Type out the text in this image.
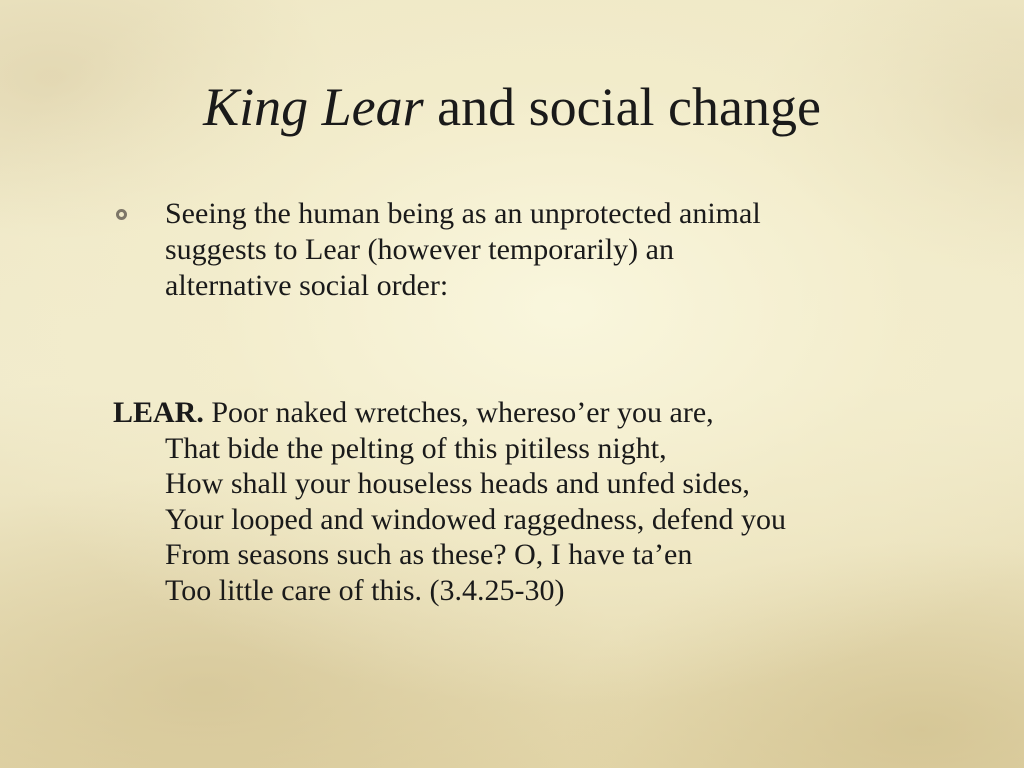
King Lear and social change

Seeing the human being as an unprotected animal
suggests to Lear (however temporarily) an
alternative social order:

LEAR. Poor naked wretches, whereso’er you are,
That bide the pelting of this pitiless night,
How shall your houseless heads and unfed sides,
Your looped and windowed raggedness, defend you
From seasons such as these? O, I have ta’en
Too little care of this. (3.4.25-30)
